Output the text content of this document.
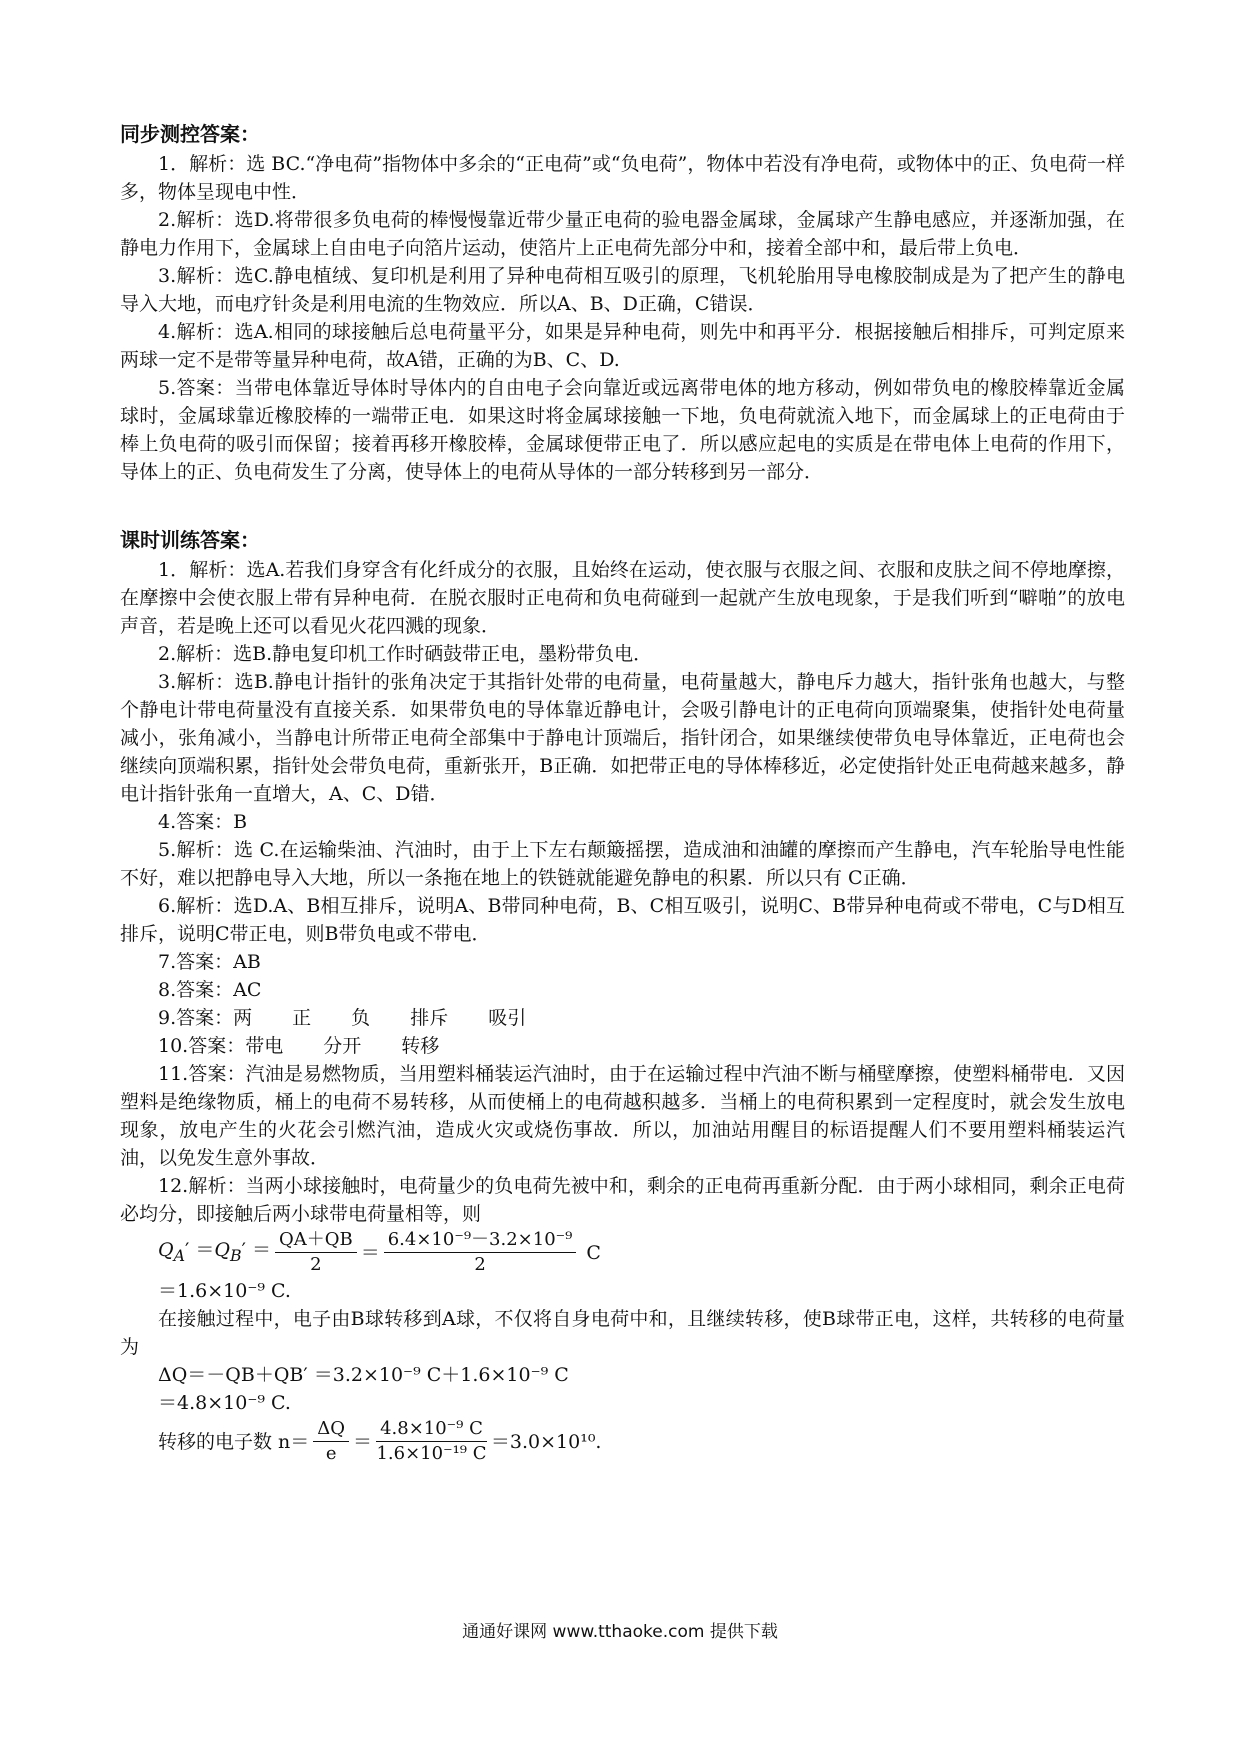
同步测控答案：

1．解析：选 BC.“净电荷”指物体中多余的“正电荷”或“负电荷”，物体中若没有净电荷，或物体中的正、负电荷一样多，物体呈现电中性．

2.解析：选D.将带很多负电荷的棒慢慢靠近带少量正电荷的验电器金属球，金属球产生静电感应，并逐渐加强，在静电力作用下，金属球上自由电子向箔片运动，使箔片上正电荷先部分中和，接着全部中和，最后带上负电．

3.解析：选C.静电植绒、复印机是利用了异种电荷相互吸引的原理，飞机轮胎用导电橡胶制成是为了把产生的静电导入大地，而电疗针灸是利用电流的生物效应．所以A、B、D正确，C错误．

4.解析：选A.相同的球接触后总电荷量平分，如果是异种电荷，则先中和再平分．根据接触后相排斥，可判定原来两球一定不是带等量异种电荷，故A错，正确的为B、C、D.

5.答案：当带电体靠近导体时导体内的自由电子会向靠近或远离带电体的地方移动，例如带负电的橡胶棒靠近金属球时，金属球靠近橡胶棒的一端带正电．如果这时将金属球接触一下地，负电荷就流入地下，而金属球上的正电荷由于棒上负电荷的吸引而保留；接着再移开橡胶棒，金属球便带正电了．所以感应起电的实质是在带电体上电荷的作用下，导体上的正、负电荷发生了分离，使导体上的电荷从导体的一部分转移到另一部分．

课时训练答案：

1．解析：选A.若我们身穿含有化纤成分的衣服，且始终在运动，使衣服与衣服之间、衣服和皮肤之间不停地摩擦，在摩擦中会使衣服上带有异种电荷．在脱衣服时正电荷和负电荷碰到一起就产生放电现象，于是我们听到“噼啪”的放电声音，若是晚上还可以看见火花四溅的现象．

2.解析：选B.静电复印机工作时硒鼓带正电，墨粉带负电．

3.解析：选B.静电计指针的张角决定于其指针处带的电荷量，电荷量越大，静电斥力越大，指针张角也越大，与整个静电计带电荷量没有直接关系．如果带负电的导体靠近静电计，会吸引静电计的正电荷向顶端聚集，使指针处电荷量减小，张角减小，当静电计所带正电荷全部集中于静电计顶端后，指针闭合，如果继续使带负电导体靠近，正电荷也会继续向顶端积累，指针处会带负电荷，重新张开，B正确．如把带正电的导体棒移近，必定使指针处正电荷越来越多，静电计指针张角一直增大，A、C、D错．

4.答案：B

5.解析：选 C.在运输柴油、汽油时，由于上下左右颠簸摇摆，造成油和油罐的摩擦而产生静电，汽车轮胎导电性能不好，难以把静电导入大地，所以一条拖在地上的铁链就能避免静电的积累．所以只有 C正确．

6.解析：选D.A、B相互排斥，说明A、B带同种电荷，B、C相互吸引，说明C、B带异种电荷或不带电，C与D相互排斥，说明C带正电，则B带负电或不带电．

7.答案：AB

8.答案：AC

9.答案：两 正 负 排斥 吸引

10.答案：带电 分开 转移

11.答案：汽油是易燃物质，当用塑料桶装运汽油时，由于在运输过程中汽油不断与桶壁摩擦，使塑料桶带电．又因塑料是绝缘物质，桶上的电荷不易转移，从而使桶上的电荷越积越多．当桶上的电荷积累到一定程度时，就会发生放电现象，放电产生的火花会引燃汽油，造成火灾或烧伤事故．所以，加油站用醒目的标语提醒人们不要用塑料桶装运汽油，以免发生意外事故．

12.解析：当两小球接触时，电荷量少的负电荷先被中和，剩余的正电荷再重新分配．由于两小球相同，剩余正电荷必均分，即接触后两小球带电荷量相等，则

$Q_A' =Q_B' = \frac{QA+QB}{2} = \frac{\text{6.4×10⁻⁹－3.2×10⁻⁹}}{2}$ C

＝1.6×10⁻⁹ C.

在接触过程中，电子由B球转移到A球，不仅将自身电荷中和，且继续转移，使B球带正电，这样，共转移的电荷量为

ΔQ＝－QB＋QB′ ＝3.2×10⁻⁹ C＋1.6×10⁻⁹ C

＝4.8×10⁻⁹ C.

转移的电子数 $n= \frac{\Delta Q}{e} = \frac{\text{4.8×10⁻⁹ C}}{\text{1.6×10⁻¹⁹ C}} =3.0\times 10^{10}$.
通通好课网 www.tthaoke.com 提供下载
